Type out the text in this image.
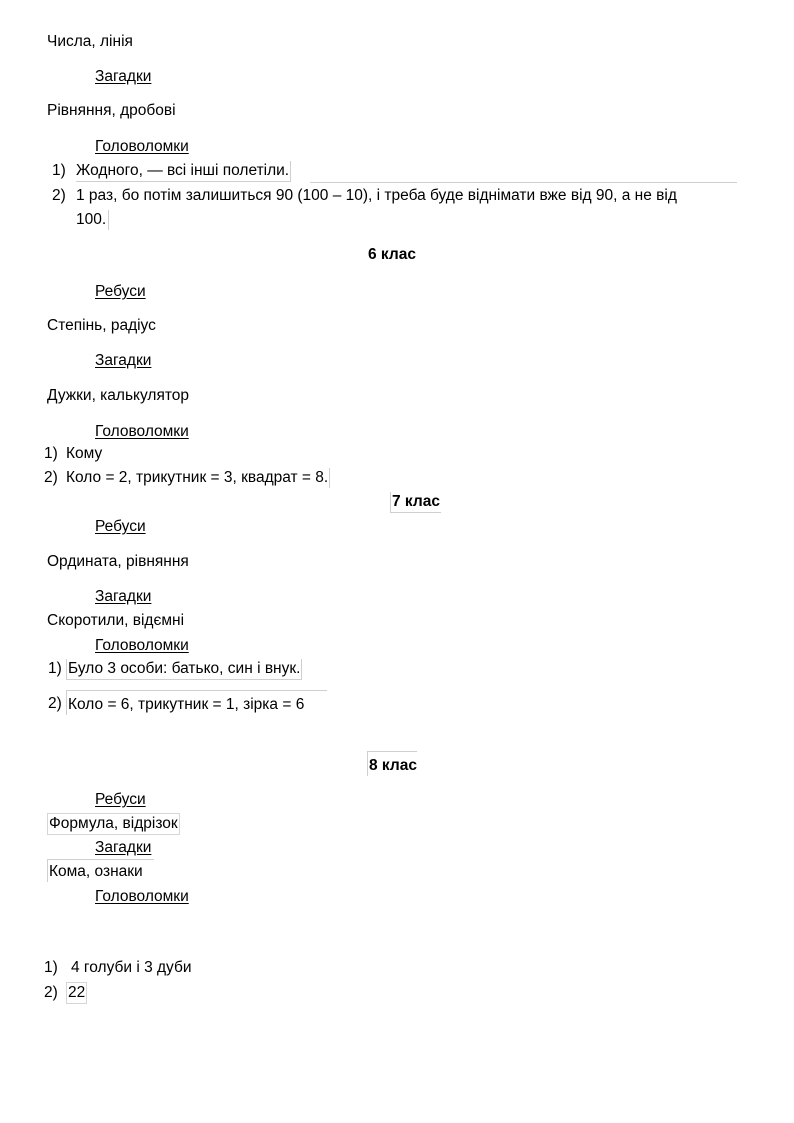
Числа, лінія
Загадки
Рівняння, дробові
Головоломки
1) Жодного, — всі інші полетіли.
2) 1 раз, бо потім залишиться 90 (100 – 10), і треба буде віднімати вже від 90, а не від
100.
6 клас
Ребуси
Степінь, радіус
Загадки
Дужки, калькулятор
Головоломки
1) Кому
2) Коло = 2, трикутник = 3, квадрат = 8.
7 клас
Ребуси
Ордината, рівняння
Загадки
Скоротили, відємні
Головоломки
1) Було 3 особи: батько, син і внук.
2) Коло = 6, трикутник = 1, зірка = 6
8 клас
Ребуси
Формула, відрізок
Загадки
Кома, ознаки
Головоломки
1) 4 голуби і 3 дуби
2) 22
